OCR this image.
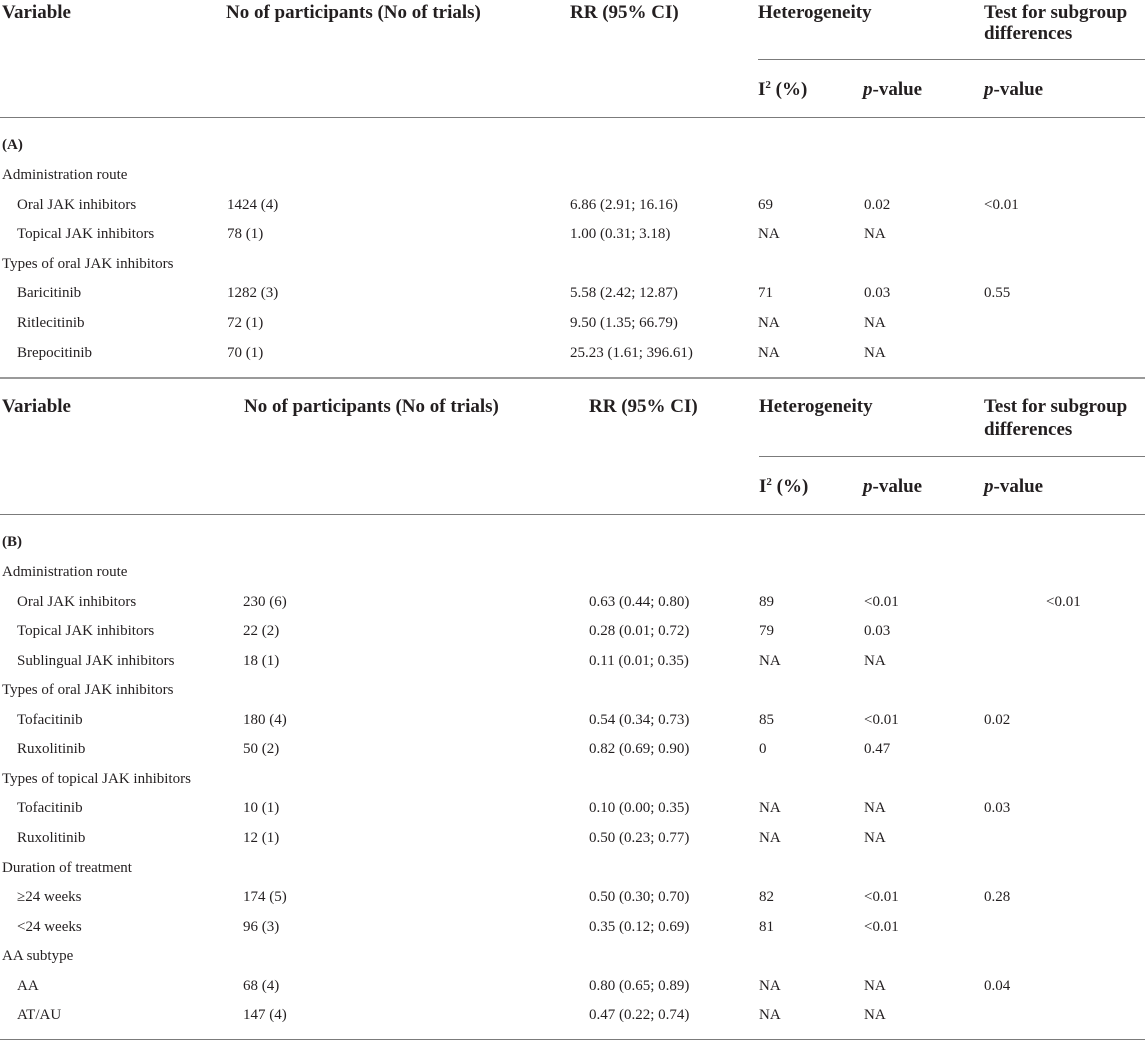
Variable	No of participants (No of trials)	RR (95% CI)	Heterogeneity	Test for subgroup
differences
$I^2$ (%)	p-value	p-value
(A)
Administration route
Oral JAK inhibitors	1424 (4)	6.86 (2.91; 16.16)	69	0.02	<0.01
Topical JAK inhibitors	78 (1)	1.00 (0.31; 3.18)	NA	NA
Types of oral JAK inhibitors
Baricitinib	1282 (3)	5.58 (2.42; 12.87)	71	0.03	0.55
Ritlecitinib	72 (1)	9.50 (1.35; 66.79)	NA	NA
Brepocitinib	70 (1)	25.23 (1.61; 396.61)	NA	NA
Variable	No of participants (No of trials)	RR (95% CI)	Heterogeneity	Test for subgroup
differences
$I^2$ (%)	p-value	p-value
(B)
Administration route
Oral JAK inhibitors	230 (6)	0.63 (0.44; 0.80)	89	<0.01	<0.01
Topical JAK inhibitors	22 (2)	0.28 (0.01; 0.72)	79	0.03
Sublingual JAK inhibitors	18 (1)	0.11 (0.01; 0.35)	NA	NA
Types of oral JAK inhibitors
Tofacitinib	180 (4)	0.54 (0.34; 0.73)	85	<0.01	0.02
Ruxolitinib	50 (2)	0.82 (0.69; 0.90)	0	0.47
Types of topical JAK inhibitors
Tofacitinib	10 (1)	0.10 (0.00; 0.35)	NA	NA	0.03
Ruxolitinib	12 (1)	0.50 (0.23; 0.77)	NA	NA
Duration of treatment
≥24 weeks	174 (5)	0.50 (0.30; 0.70)	82	<0.01	0.28
<24 weeks	96 (3)	0.35 (0.12; 0.69)	81	<0.01
AA subtype
AA	68 (4)	0.80 (0.65; 0.89)	NA	NA	0.04
AT/AU	147 (4)	0.47 (0.22; 0.74)	NA	NA
